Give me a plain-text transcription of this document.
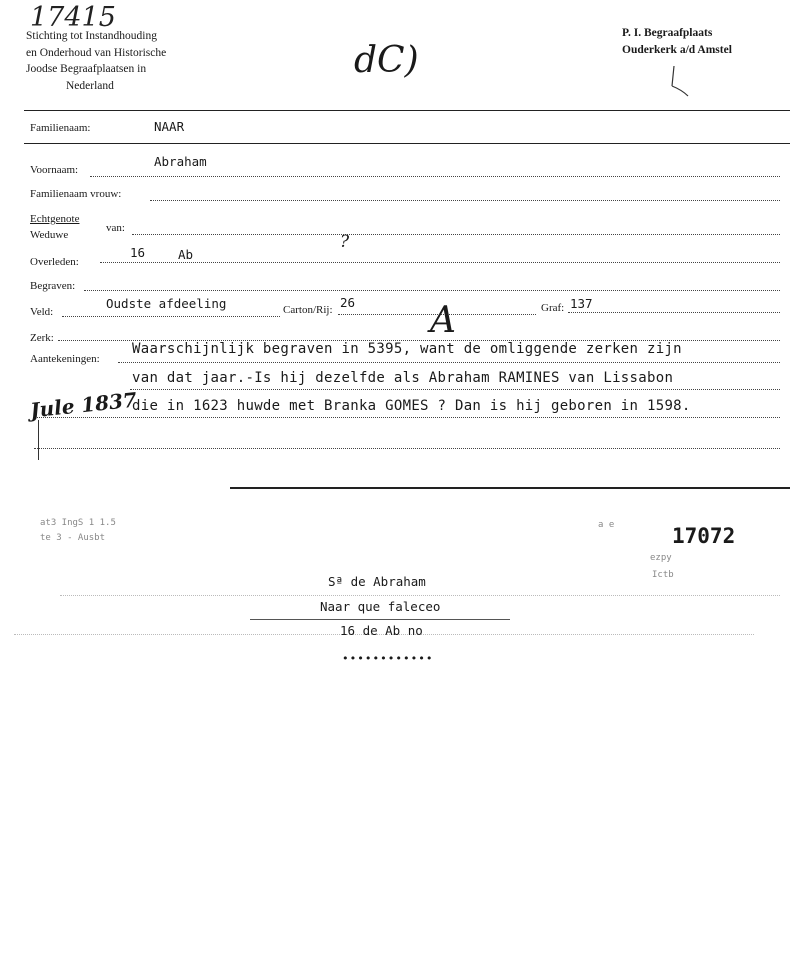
17415
Stichting tot Instandhouding
en Onderhoud van Historische
Joodse Begraafplaatsen in
Nederland
dC)
P. I. Begraafplaats
Ouderkerk a/d Amstel
Familienaam:	NAAR
Voornaam:
Abraham
Familienaam vrouw:
Echtgenote
Weduwe
van:
Overleden:
16	Ab
?
Begraven:
Veld:
Oudste afdeeling	Carton/Rij: 26	Graf: 137
A
Zerk:
Aantekeningen:
Waarschijnlijk begraven in 5395, want de omliggende zerken zijn
van dat jaar.-Is hij dezelfde als Abraham RAMINES van Lissabon
die in 1623 huwde met Branka GOMES ? Dan is hij geboren in 1598.
Jule 1837
at3 IngS 1 1.5
te 3 - Ausbt
a e
ezpy
Ictb
17072
Sª de Abraham
Naar que faleceo
16 de Ab no
••••••••••••
